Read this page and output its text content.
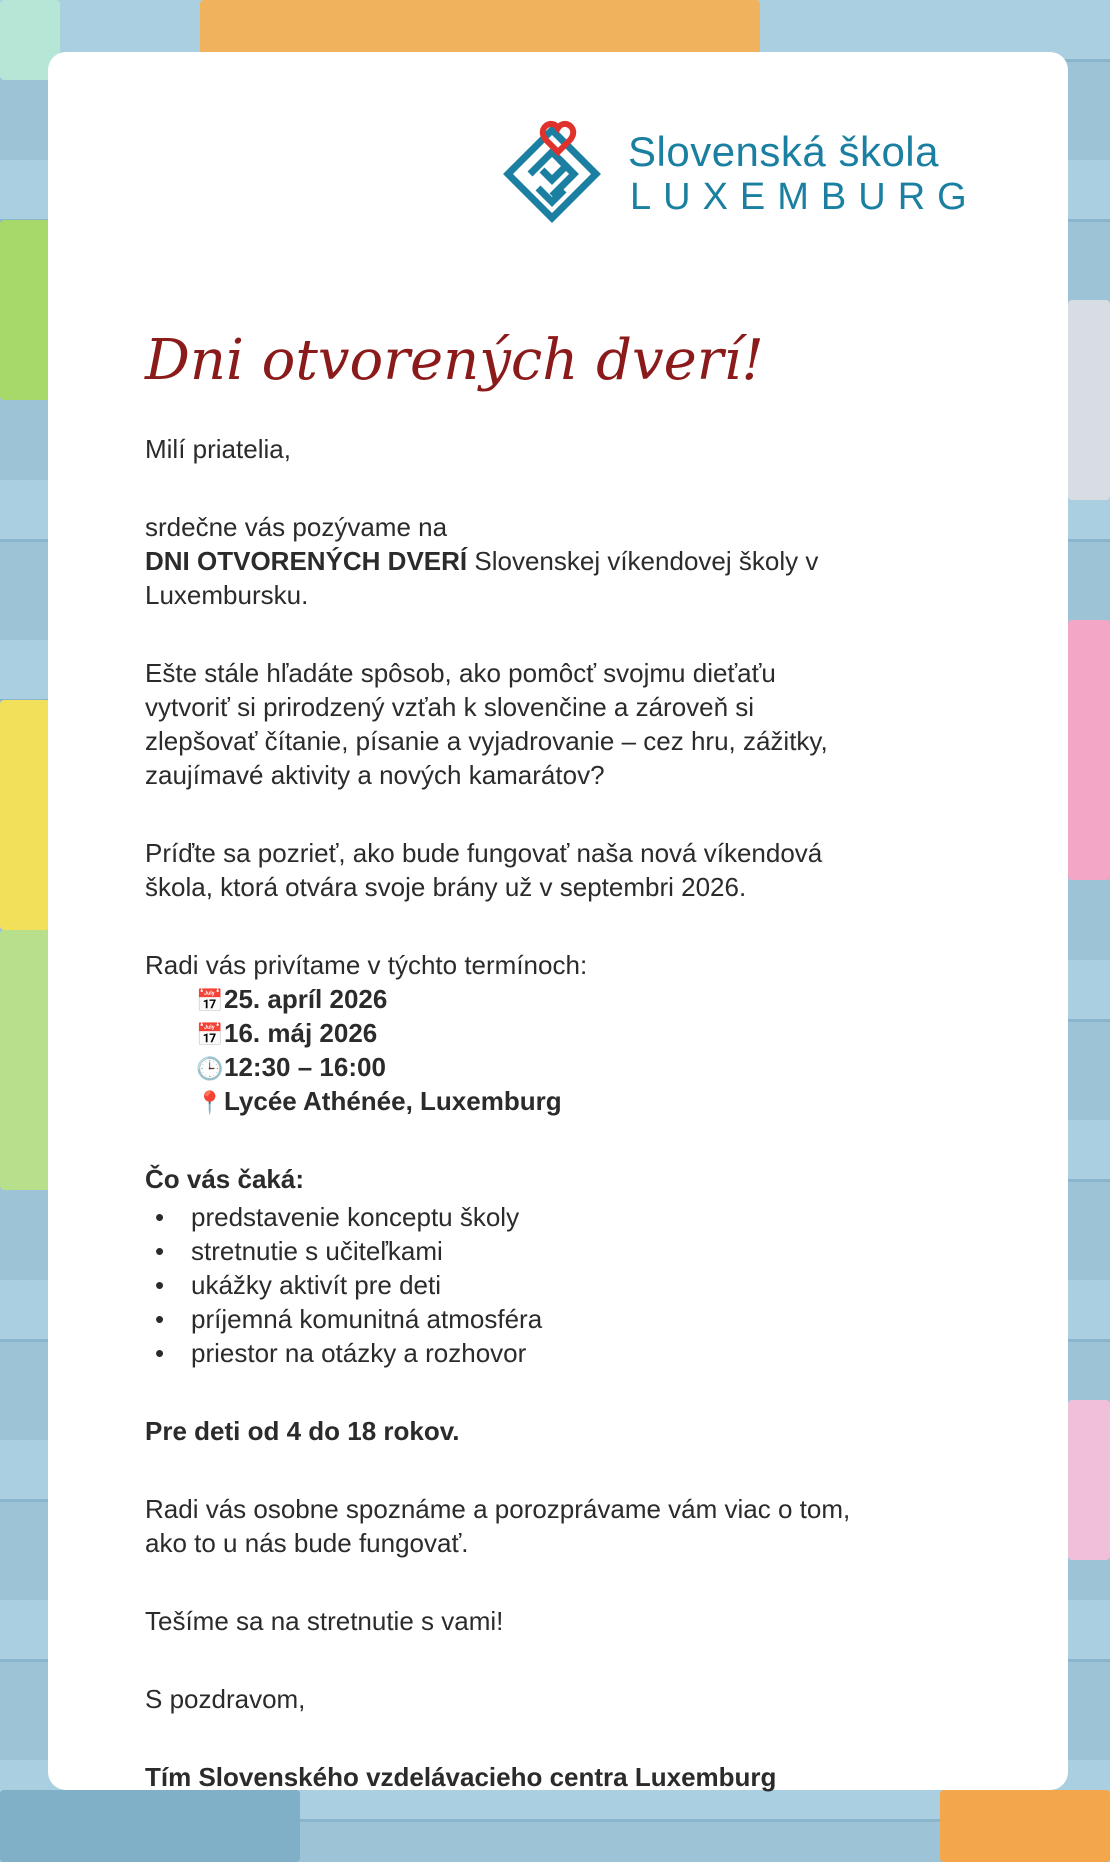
Slovenská škola
LUXEMBURG
Dni otvorených dverí!
Milí priatelia,
srdečne vás pozývame na
DNI OTVORENÝCH DVERÍ Slovenskej víkendovej školy v
Luxembursku.
Ešte stále hľadáte spôsob, ako pomôcť svojmu dieťaťu
vytvoriť si prirodzený vzťah k slovenčine a zároveň si
zlepšovať čítanie, písanie a vyjadrovanie – cez hru, zážitky,
zaujímavé aktivity a nových kamarátov?
Príďte sa pozrieť, ako bude fungovať naša nová víkendová
škola, ktorá otvára svoje brány už v septembri 2026.
Radi vás privítame v týchto termínoch:
📅25. apríl 2026
📅16. máj 2026
🕒12:30 – 16:00
📍Lycée Athénée, Luxemburg
Čo vás čaká:
• predstavenie konceptu školy
• stretnutie s učiteľkami
• ukážky aktivít pre deti
• príjemná komunitná atmosféra
• priestor na otázky a rozhovor
Pre deti od 4 do 18 rokov.
Radi vás osobne spoznáme a porozprávame vám viac o tom,
ako to u nás bude fungovať.
Tešíme sa na stretnutie s vami!
S pozdravom,
Tím Slovenského vzdelávacieho centra Luxemburg
